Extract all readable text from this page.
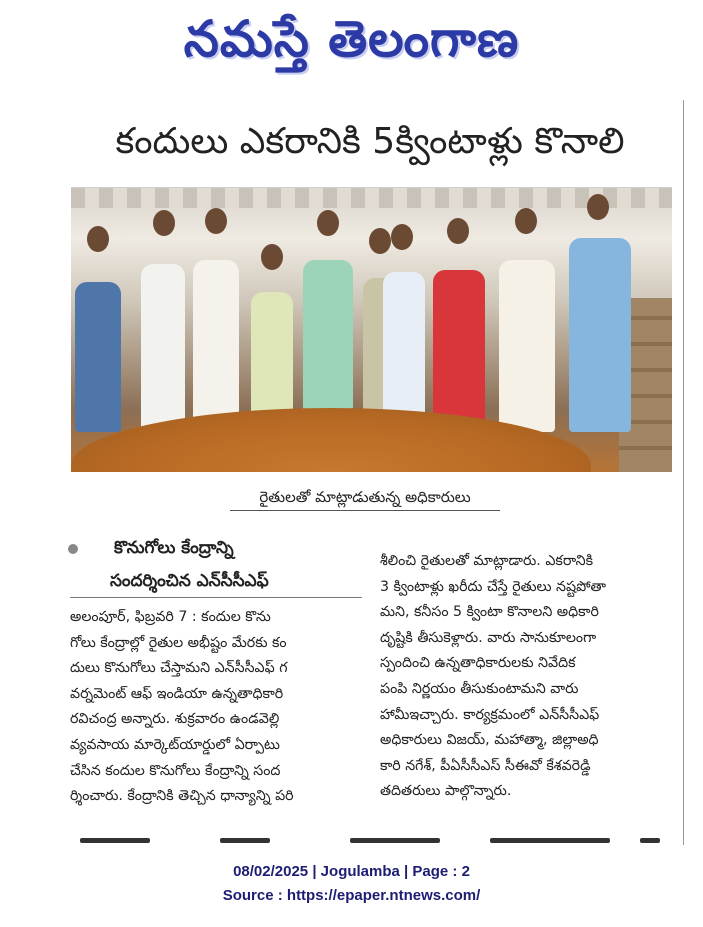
నమస్తే తెలంగాణ
కందులు ఎకరానికి 5క్వింటాళ్లు కొనాలి
రైతులతో మాట్లాడుతున్న అధికారులు
కొనుగోలు కేంద్రాన్ని
సందర్శించిన ఎన్‌సీసీఎఫ్
అలంపూర్, ఫిబ్రవరి 7 : కందుల కొను
గోలు కేంద్రాల్లో రైతుల అభీష్టం మేరకు కం
దులు కొనుగోలు చేస్తామని ఎన్‌సీసీఎఫ్ గ
వర్నమెంట్ ఆఫ్ ఇండియా ఉన్నతాధికారి
రవిచంద్ర అన్నారు. శుక్రవారం ఉండవెల్లి
వ్యవసాయ మార్కెట్‌యార్డులో ఏర్పాటు
చేసిన కందుల కొనుగోలు కేంద్రాన్ని సంద
ర్శించారు. కేంద్రానికి తెచ్చిన ధాన్యాన్ని పరి
శీలించి రైతులతో మాట్లాడారు. ఎకరానికి
3 క్వింటాళ్లు ఖరీదు చేస్తే రైతులు నష్టపోతా
మని, కనీసం 5 క్వింటా కొనాలని అధికారి
దృష్టికి తీసుకెళ్లారు. వారు సానుకూలంగా
స్పందించి ఉన్నతాధికారులకు నివేదిక
పంపి నిర్ణయం తీసుకుంటామని వారు
హామీఇచ్చారు. కార్యక్రమంలో ఎన్‌సీసీఎఫ్
అధికారులు విజయ్, మహాత్మా, జిల్లాఅధి
కారి నగేశ్, పీఏసీసీఎస్ సీఈవో కేశవరెడ్డి
తదితరులు పాల్గొన్నారు.
08/02/2025 | Jogulamba | Page : 2
Source : https://epaper.ntnews.com/
